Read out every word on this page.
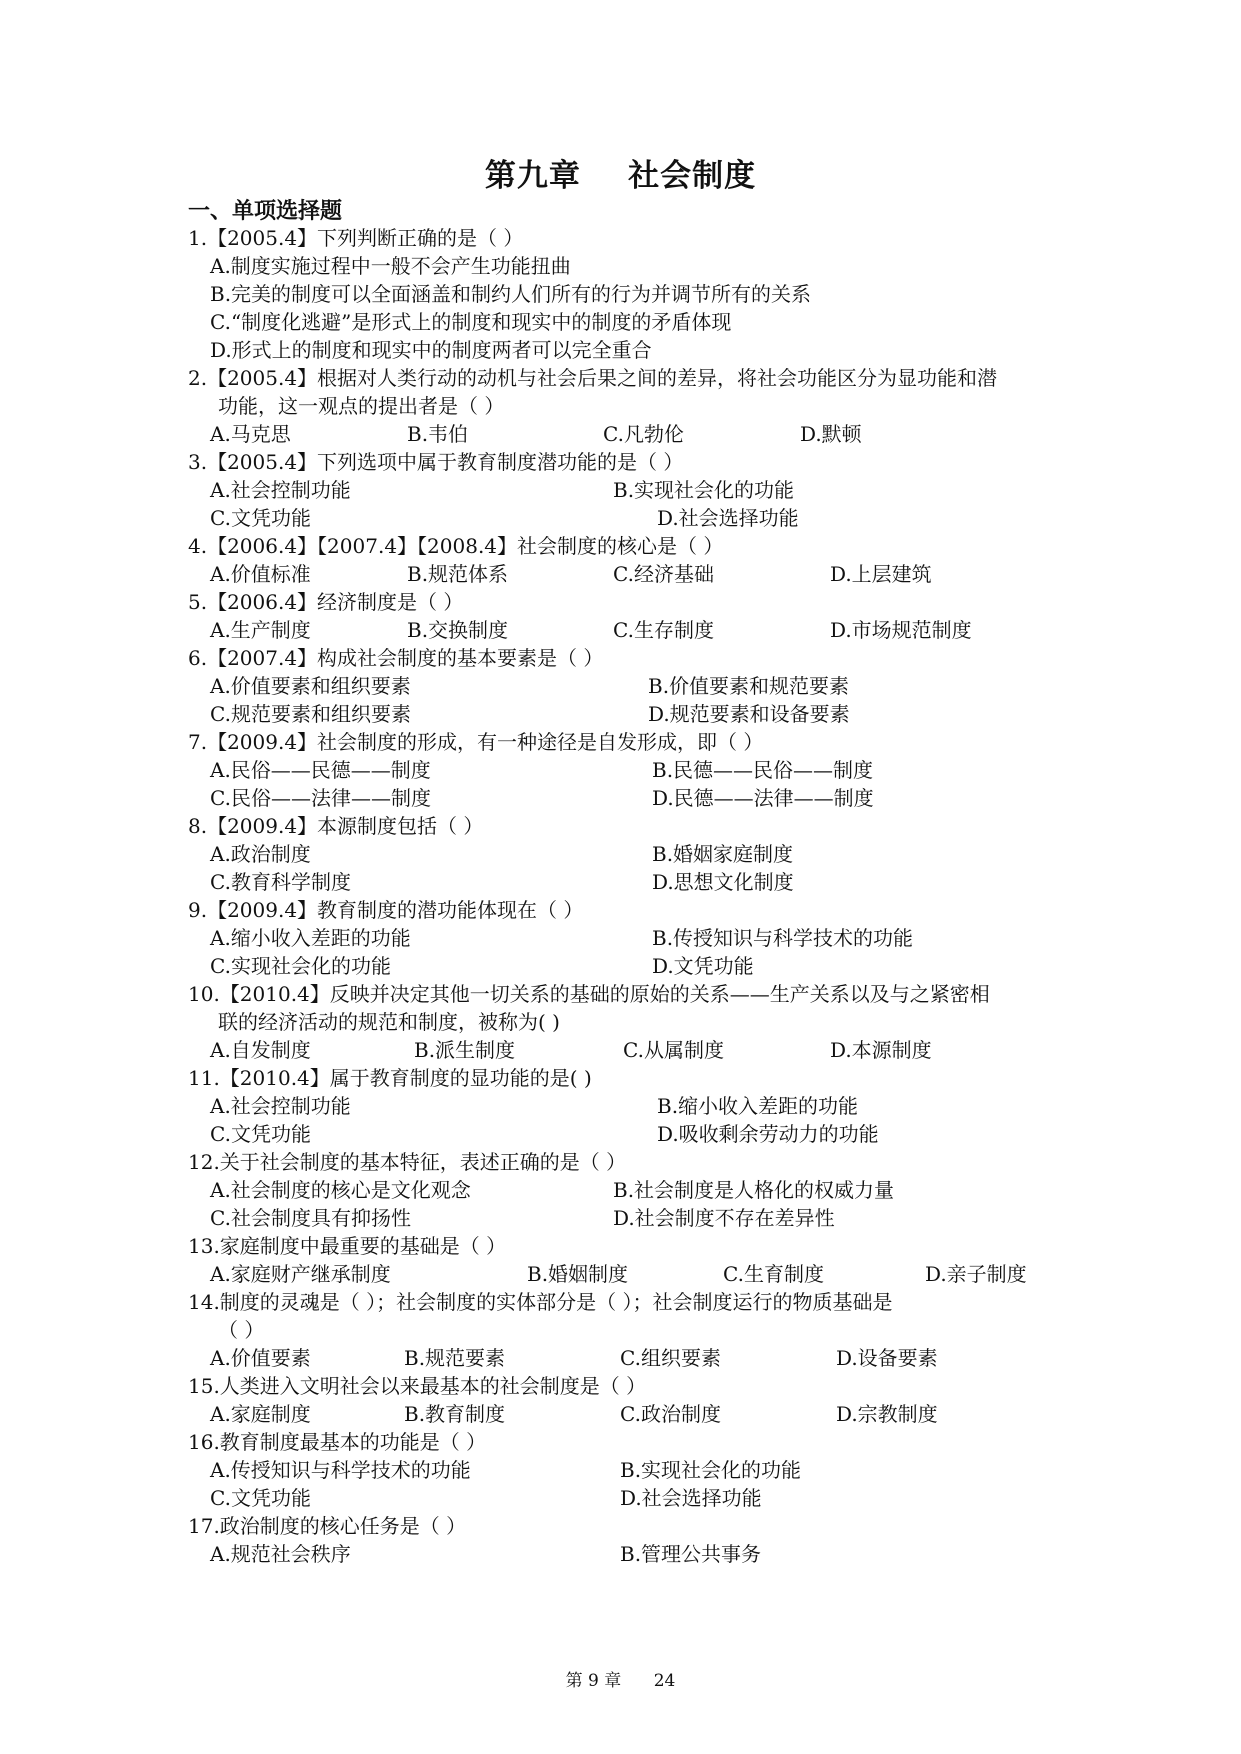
第九章    社会制度
一、单项选择题
1.【2005.4】下列判断正确的是（ ）
A.制度实施过程中一般不会产生功能扭曲
B.完美的制度可以全面涵盖和制约人们所有的行为并调节所有的关系
C.“制度化逃避”是形式上的制度和现实中的制度的矛盾体现
D.形式上的制度和现实中的制度两者可以完全重合
2.【2005.4】根据对人类行动的动机与社会后果之间的差异，将社会功能区分为显功能和潜
功能，这一观点的提出者是（ ）
A.马克思	B.韦伯	C.凡勃伦	D.默顿
3.【2005.4】下列选项中属于教育制度潜功能的是（ ）
A.社会控制功能	B.实现社会化的功能
C.文凭功能	D.社会选择功能
4.【2006.4】【2007.4】【2008.4】社会制度的核心是（ ）
A.价值标准	B.规范体系	C.经济基础	D.上层建筑
5.【2006.4】经济制度是（ ）
A.生产制度	B.交换制度	C.生存制度	D.市场规范制度
6.【2007.4】构成社会制度的基本要素是（ ）
A.价值要素和组织要素	B.价值要素和规范要素
C.规范要素和组织要素	D.规范要素和设备要素
7.【2009.4】社会制度的形成，有一种途径是自发形成，即（ ）
A.民俗——民德——制度	B.民德——民俗——制度
C.民俗——法律——制度	D.民德——法律——制度
8.【2009.4】本源制度包括（ ）
A.政治制度	B.婚姻家庭制度
C.教育科学制度	D.思想文化制度
9.【2009.4】教育制度的潜功能体现在（ ）
A.缩小收入差距的功能	B.传授知识与科学技术的功能
C.实现社会化的功能	D.文凭功能
10.【2010.4】反映并决定其他一切关系的基础的原始的关系——生产关系以及与之紧密相
联的经济活动的规范和制度，被称为( )
A.自发制度	B.派生制度	C.从属制度	D.本源制度
11.【2010.4】属于教育制度的显功能的是( )
A.社会控制功能	B.缩小收入差距的功能
C.文凭功能	D.吸收剩余劳动力的功能
12.关于社会制度的基本特征，表述正确的是（ ）
A.社会制度的核心是文化观念	B.社会制度是人格化的权威力量
C.社会制度具有抑扬性	D.社会制度不存在差异性
13.家庭制度中最重要的基础是（ ）
A.家庭财产继承制度	B.婚姻制度	C.生育制度	D.亲子制度
14.制度的灵魂是（ ）；社会制度的实体部分是（ ）；社会制度运行的物质基础是
（ ）
A.价值要素	B.规范要素	C.组织要素	D.设备要素
15.人类进入文明社会以来最基本的社会制度是（ ）
A.家庭制度	B.教育制度	C.政治制度	D.宗教制度
16.教育制度最基本的功能是（ ）
A.传授知识与科学技术的功能	B.实现社会化的功能
C.文凭功能	D.社会选择功能
17.政治制度的核心任务是（ ）
A.规范社会秩序	B.管理公共事务
第 9 章      24
